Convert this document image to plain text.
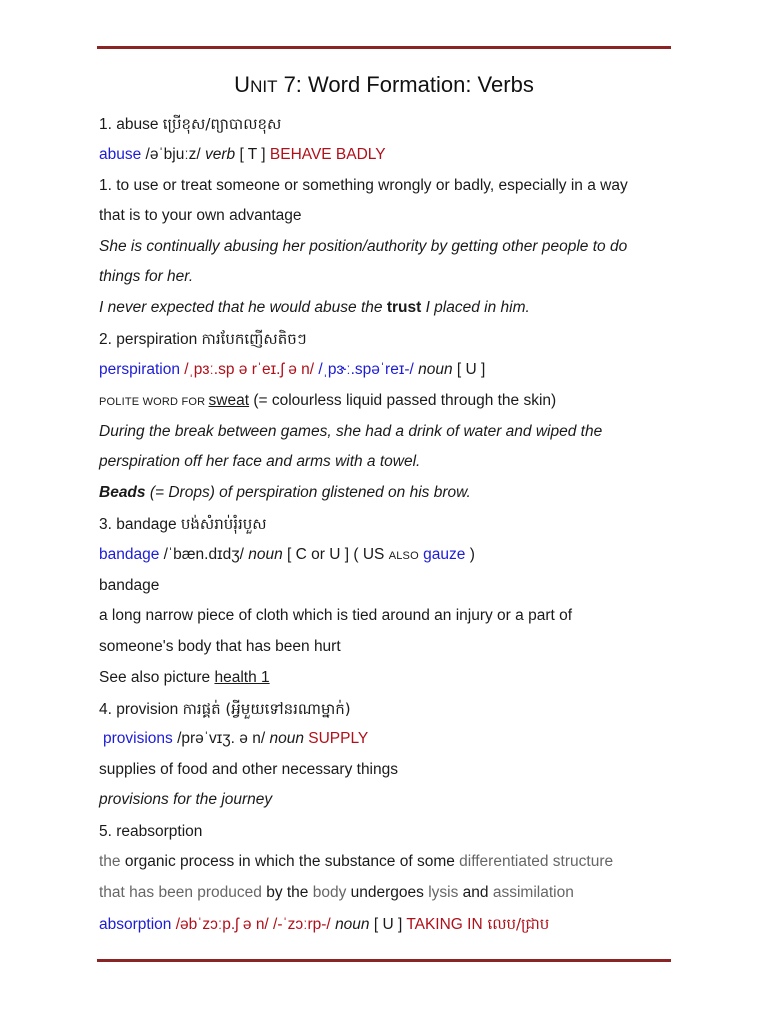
UNIT 7: Word Formation: Verbs
1. abuse ប្រើខុស/ព្យាបាលខុស
abuse /əˈbjuːz/ verb [ T ] BEHAVE BADLY
1. to use or treat someone or something wrongly or badly, especially in a way
that is to your own advantage
She is continually abusing her position/authority by getting other people to do
things for her.
I never expected that he would abuse the trust I placed in him.
2. perspiration ការបែកញើសតិចៗ
perspiration /ˌpɜː.sp ə rˈeɪ.ʃ ə n/ /ˌpɝː.spəˈreɪ-/ noun [ U ]
POLITE WORD FOR sweat (= colourless liquid passed through the skin)
During the break between games, she had a drink of water and wiped the
perspiration off her face and arms with a towel.
Beads (= Drops) of perspiration glistened on his brow.
3. bandage បង់សំរាប់រុំរបួស
bandage /ˈbæn.dɪdʒ/ noun [ C or U ] ( US ALSO gauze )
bandage
a long narrow piece of cloth which is tied around an injury or a part of
someone's body that has been hurt
See also picture health 1
4. provision ការផ្គត់ (អ្វីមួយទៅនរណាម្នាក់)
provisions /prəˈvɪʒ. ə n/ noun SUPPLY
supplies of food and other necessary things
provisions for the journey
5. reabsorption
the organic process in which the substance of some differentiated structure
that has been produced by the body undergoes lysis and assimilation
absorption /əbˈzɔːp.ʃ ə n/ /-ˈzɔːrp-/ noun [ U ] TAKING IN លេប/ជ្រាប
